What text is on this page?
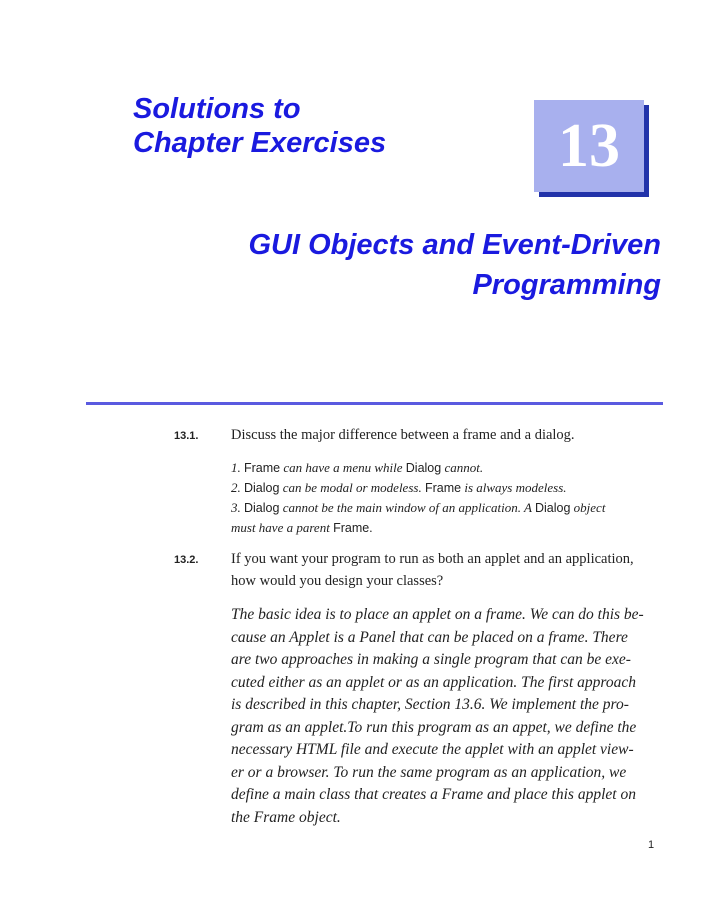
Solutions to
Chapter Exercises	13
GUI Objects and Event-Driven
Programming
13.1. Discuss the major difference between a frame and a dialog.
1. Frame can have a menu while Dialog cannot.
2. Dialog can be modal or modeless. Frame is always modeless.
3. Dialog cannot be the main window of an application. A Dialog object
must have a parent Frame.
13.2. If you want your program to run as both an applet and an application,
how would you design your classes?
The basic idea is to place an applet on a frame. We can do this be-
cause an Applet is a Panel that can be placed on a frame. There
are two approaches in making a single program that can be exe-
cuted either as an applet or as an application. The first approach
is described in this chapter, Section 13.6. We implement the pro-
gram as an applet.To run this program as an appet, we define the
necessary HTML file and execute the applet with an applet view-
er or a browser. To run the same program as an application, we
define a main class that creates a Frame and place this applet on
the Frame object.
1
